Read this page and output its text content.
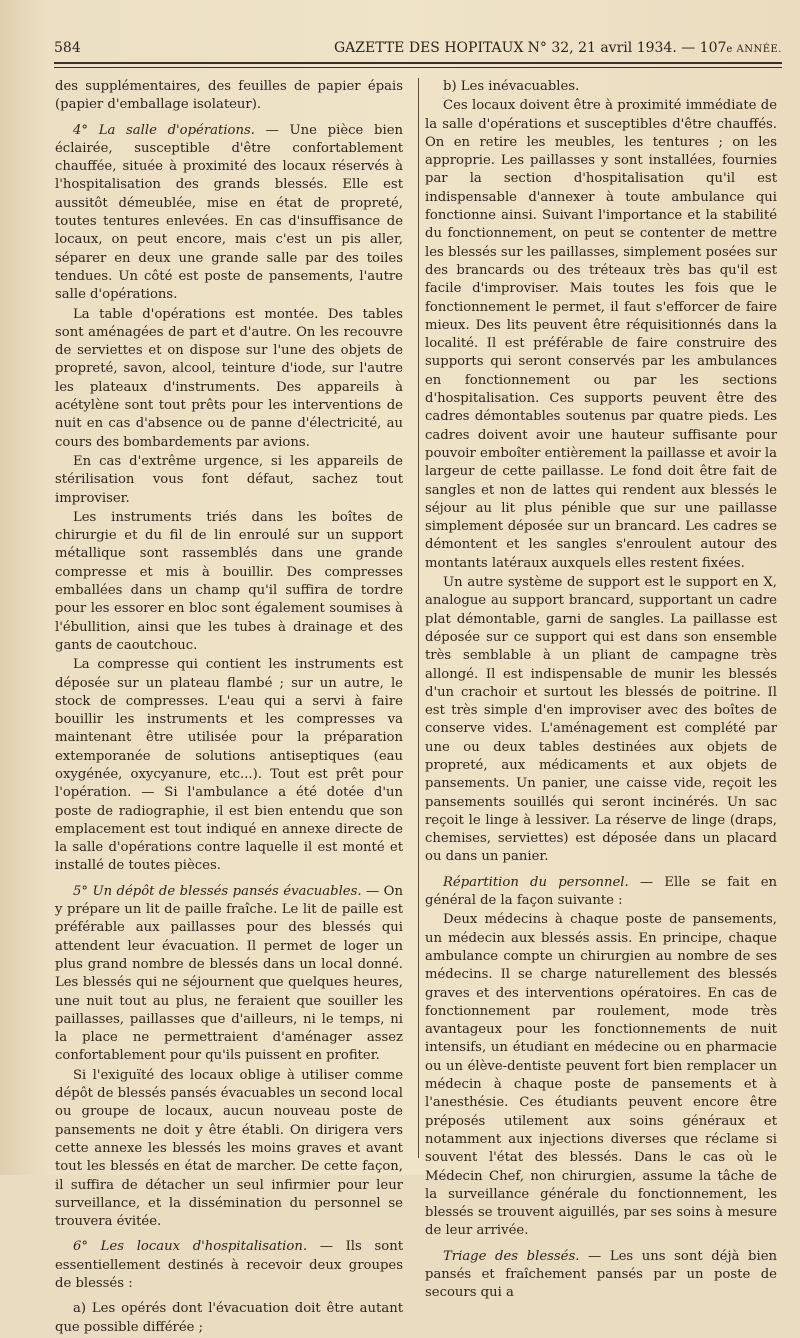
584	GAZETTE DES HOPITAUX N° 32, 21 avril 1934. — 107e ANNÉE.

des supplémentaires, des feuilles de papier épais (papier d'emballage isolateur).

4° La salle d'opérations. — Une pièce bien éclairée, susceptible d'être confortablement chauffée, située à proximité des locaux réservés à l'hospitalisation des grands blessés. Elle est aussitôt démeublée, mise en état de propreté, toutes tentures enlevées. En cas d'insuffisance de locaux, on peut encore, mais c'est un pis aller, séparer en deux une grande salle par des toiles tendues. Un côté est poste de pansements, l'autre salle d'opérations.

La table d'opérations est montée. Des tables sont aménagées de part et d'autre. On les recouvre de serviettes et on dispose sur l'une des objets de propreté, savon, alcool, teinture d'iode, sur l'autre les plateaux d'instruments. Des appareils à acétylène sont tout prêts pour les interventions de nuit en cas d'absence ou de panne d'électricité, au cours des bombardements par avions.

En cas d'extrême urgence, si les appareils de stérilisation vous font défaut, sachez tout improviser.

Les instruments triés dans les boîtes de chirurgie et du fil de lin enroulé sur un support métallique sont rassemblés dans une grande compresse et mis à bouillir. Des compresses emballées dans un champ qu'il suffira de tordre pour les essorer en bloc sont également soumises à l'ébullition, ainsi que les tubes à drainage et des gants de caoutchouc.

La compresse qui contient les instruments est déposée sur un plateau flambé ; sur un autre, le stock de compresses. L'eau qui a servi à faire bouillir les instruments et les compresses va maintenant être utilisée pour la préparation extemporanée de solutions antiseptiques (eau oxygénée, oxycyanure, etc...). Tout est prêt pour l'opération. — Si l'ambulance a été dotée d'un poste de radiographie, il est bien entendu que son emplacement est tout indiqué en annexe directe de la salle d'opérations contre laquelle il est monté et installé de toutes pièces.

5° Un dépôt de blessés pansés évacuables. — On y prépare un lit de paille fraîche. Le lit de paille est préférable aux paillasses pour des blessés qui attendent leur évacuation. Il permet de loger un plus grand nombre de blessés dans un local donné. Les blessés qui ne séjournent que quelques heures, une nuit tout au plus, ne feraient que souiller les paillasses, paillasses que d'ailleurs, ni le temps, ni la place ne permettraient d'aménager assez confortablement pour qu'ils puissent en profiter.

Si l'exiguïté des locaux oblige à utiliser comme dépôt de blessés pansés évacuables un second local ou groupe de locaux, aucun nouveau poste de pansements ne doit y être établi. On dirigera vers cette annexe les blessés les moins graves et avant tout les blessés en état de marcher. De cette façon, il suffira de détacher un seul infirmier pour leur surveillance, et la dissémination du personnel se trouvera évitée.

6° Les locaux d'hospitalisation. — Ils sont essentiellement destinés à recevoir deux groupes de blessés :

a) Les opérés dont l'évacuation doit être autant que possible différée ;

b) Les inévacuables.

Ces locaux doivent être à proximité immédiate de la salle d'opérations et susceptibles d'être chauffés. On en retire les meubles, les tentures ; on les approprie. Les paillasses y sont installées, fournies par la section d'hospitalisation qu'il est indispensable d'annexer à toute ambulance qui fonctionne ainsi. Suivant l'importance et la stabilité du fonctionnement, on peut se contenter de mettre les blessés sur les paillasses, simplement posées sur des brancards ou des tréteaux très bas qu'il est facile d'improviser. Mais toutes les fois que le fonctionnement le permet, il faut s'efforcer de faire mieux. Des lits peuvent être réquisitionnés dans la localité. Il est préférable de faire construire des supports qui seront conservés par les ambulances en fonctionnement ou par les sections d'hospitalisation. Ces supports peuvent être des cadres démontables soutenus par quatre pieds. Les cadres doivent avoir une hauteur suffisante pour pouvoir emboîter entièrement la paillasse et avoir la largeur de cette paillasse. Le fond doit être fait de sangles et non de lattes qui rendent aux blessés le séjour au lit plus pénible que sur une paillasse simplement déposée sur un brancard. Les cadres se démontent et les sangles s'enroulent autour des montants latéraux auxquels elles restent fixées.

Un autre système de support est le support en X, analogue au support brancard, supportant un cadre plat démontable, garni de sangles. La paillasse est déposée sur ce support qui est dans son ensemble très semblable à un pliant de campagne très allongé. Il est indispensable de munir les blessés d'un crachoir et surtout les blessés de poitrine. Il est très simple d'en improviser avec des boîtes de conserve vides. L'aménagement est complété par une ou deux tables destinées aux objets de propreté, aux médicaments et aux objets de pansements. Un panier, une caisse vide, reçoit les pansements souillés qui seront incinérés. Un sac reçoit le linge à lessiver. La réserve de linge (draps, chemises, serviettes) est déposée dans un placard ou dans un panier.

Répartition du personnel. — Elle se fait en général de la façon suivante :

Deux médecins à chaque poste de pansements, un médecin aux blessés assis. En principe, chaque ambulance compte un chirurgien au nombre de ses médecins. Il se charge naturellement des blessés graves et des interventions opératoires. En cas de fonctionnement par roulement, mode très avantageux pour les fonctionnements de nuit intensifs, un étudiant en médecine ou en pharmacie ou un élève-dentiste peuvent fort bien remplacer un médecin à chaque poste de pansements et à l'anesthésie. Ces étudiants peuvent encore être préposés utilement aux soins généraux et notamment aux injections diverses que réclame si souvent l'état des blessés. Dans le cas où le Médecin Chef, non chirurgien, assume la tâche de la surveillance générale du fonctionnement, les blessés se trouvent aiguillés, par ses soins à mesure de leur arrivée.

Triage des blessés. — Les uns sont déjà bien pansés et fraîchement pansés par un poste de secours qui a
